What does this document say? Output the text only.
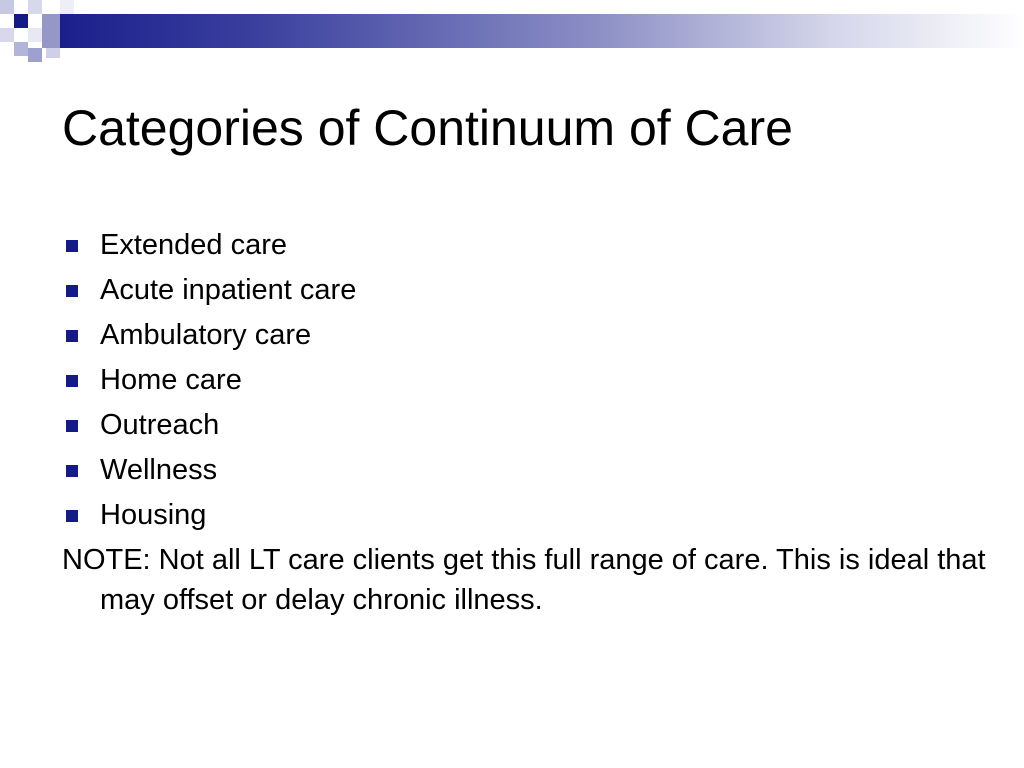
Categories of Continuum of Care
Extended care
Acute inpatient care
Ambulatory care
Home care
Outreach
Wellness
Housing

NOTE: Not all LT care clients get this full range of care. This is ideal that may offset or delay chronic illness.
